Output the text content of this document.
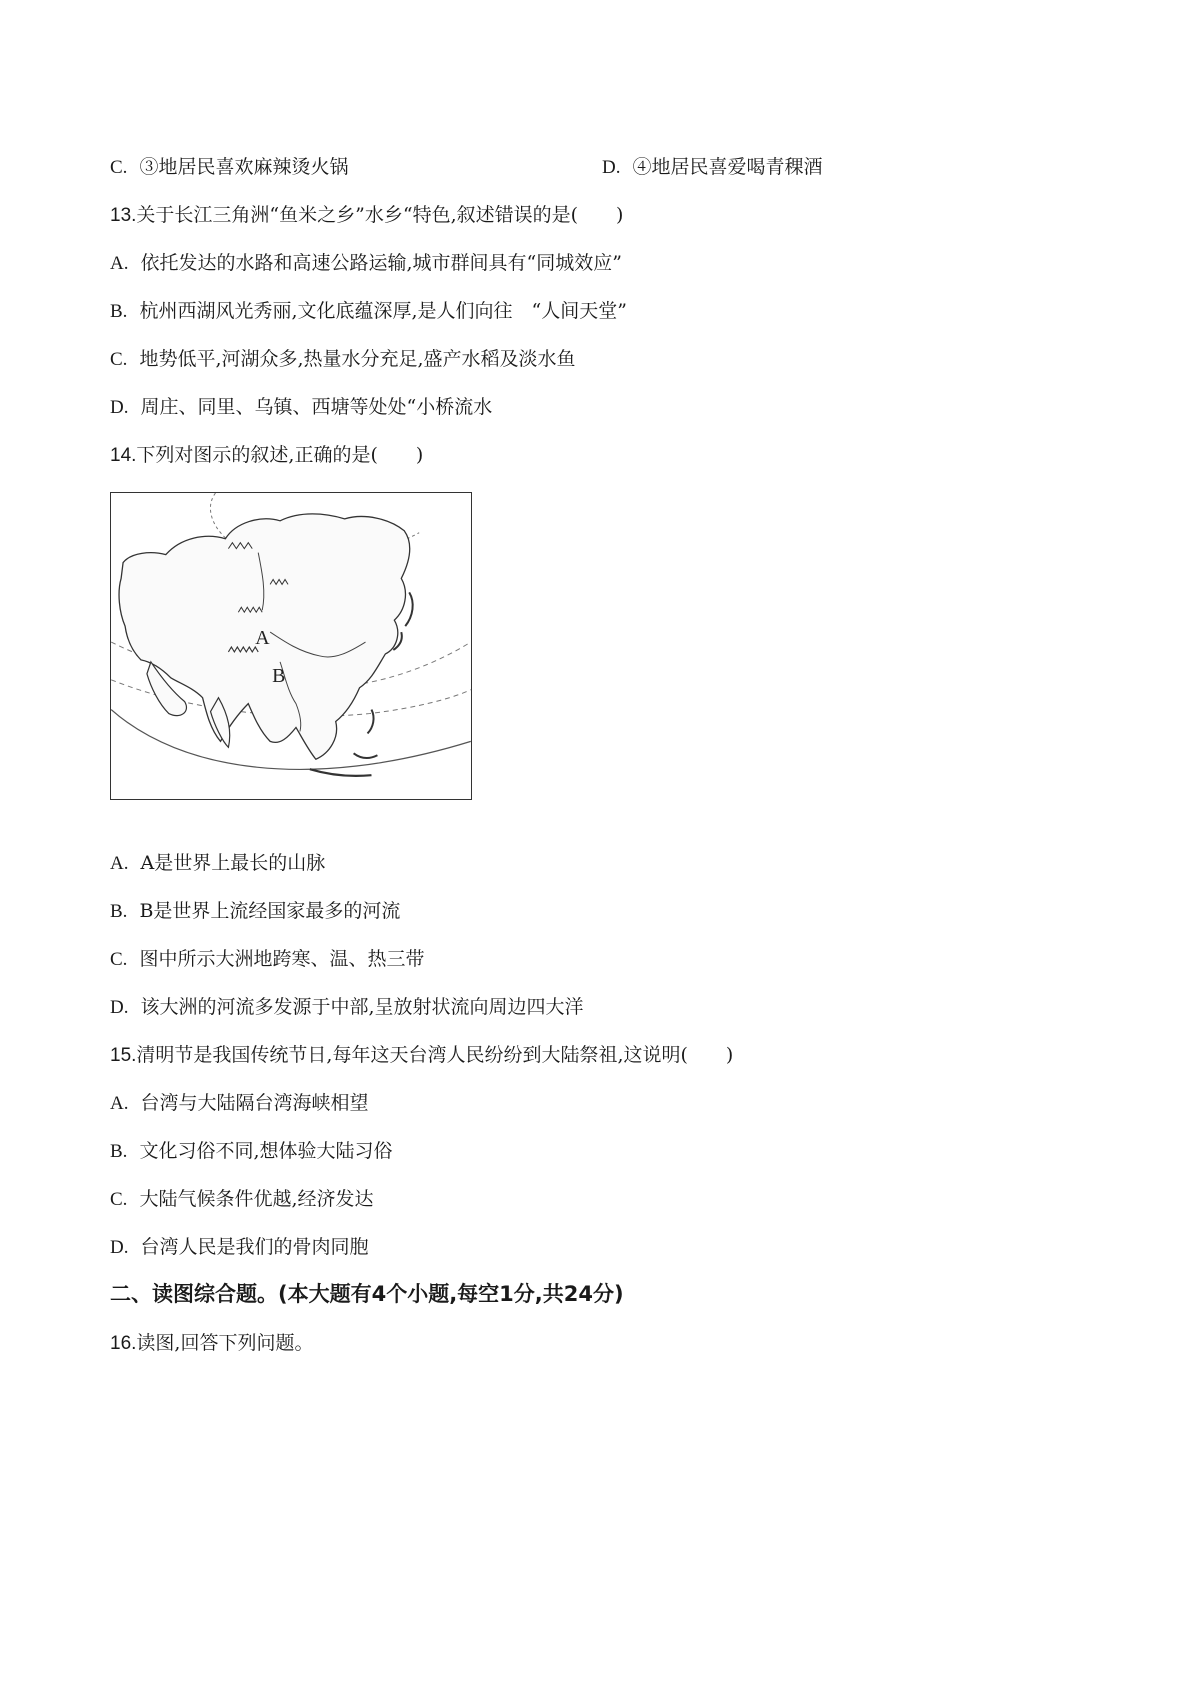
C. ③地居民喜欢麻辣烫火锅	D. ④地居民喜爱喝青稞酒
13.关于长江三角洲“鱼米之乡”水乡“特色,叙述错误的是(　　)
A. 依托发达的水路和高速公路运输,城市群间具有“同城效应”
B. 杭州西湖风光秀丽,文化底蕴深厚,是人们向往　“人间天堂”
C. 地势低平,河湖众多,热量水分充足,盛产水稻及淡水鱼
D. 周庄、同里、乌镇、西塘等处处“小桥流水
14.下列对图示的叙述,正确的是(　　)
A
B
A. A是世界上最长的山脉
B. B是世界上流经国家最多的河流
C. 图中所示大洲地跨寒、温、热三带
D. 该大洲的河流多发源于中部,呈放射状流向周边四大洋
15.清明节是我国传统节日,每年这天台湾人民纷纷到大陆祭祖,这说明(　　)
A. 台湾与大陆隔台湾海峡相望
B. 文化习俗不同,想体验大陆习俗
C. 大陆气候条件优越,经济发达
D. 台湾人民是我们的骨肉同胞
二、读图综合题。(本大题有4个小题,每空1分,共24分)
16.读图,回答下列问题。
